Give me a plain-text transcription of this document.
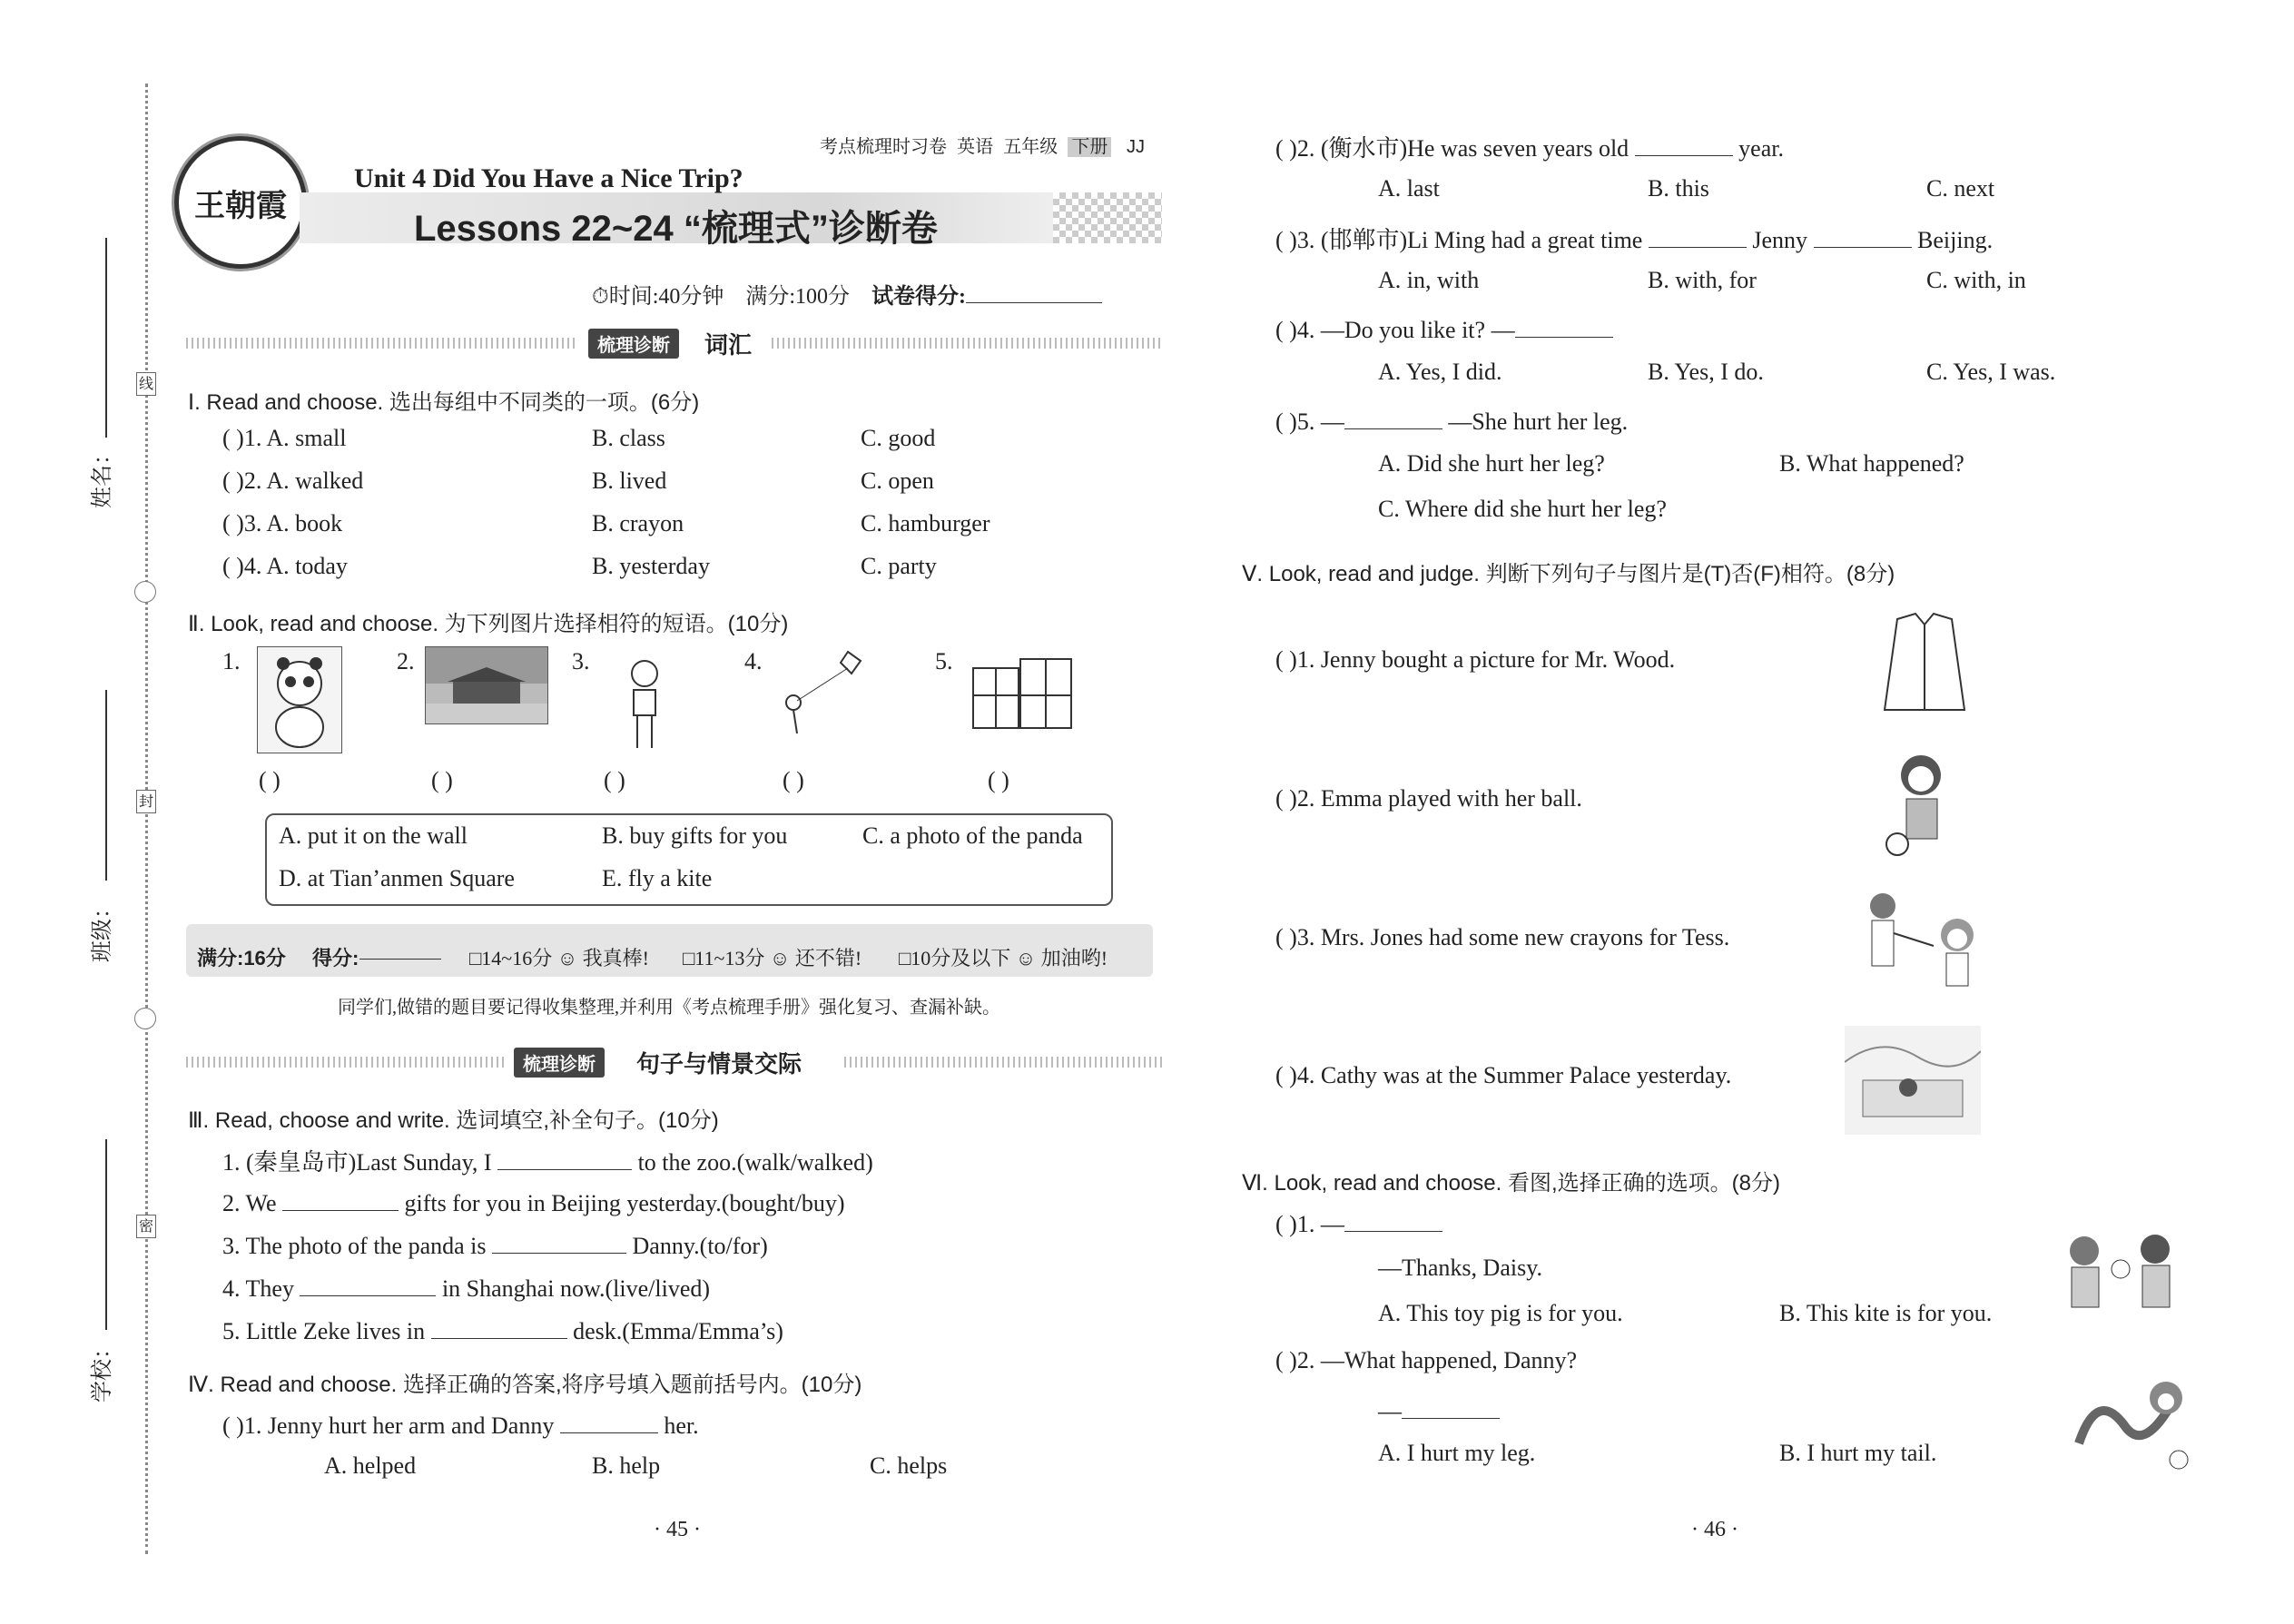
线
封
密
姓名：
班级：
学校：
考点梳理时习卷 英语 五年级 下册 JJ
王朝霞
Unit 4 Did You Have a Nice Trip?
Lessons 22~24 “梳理式”诊断卷
⏱时间:40分钟 满分:100分 试卷得分:
梳理诊断	词汇
Ⅰ. Read and choose. 选出每组中不同类的一项。(6分)
( )1. A. small	B. class	C. good
( )2. A. walked	B. lived	C. open
( )3. A. book	B. crayon	C. hamburger
( )4. A. today	B. yesterday	C. party
Ⅱ. Look, read and choose. 为下列图片选择相符的短语。(10分)
1.	2.	3.	4.	5.
( )	( )	( )	( )	( )
A. put it on the wall	B. buy gifts for you	C. a photo of the panda
D. at Tian’anmen Square	E. fly a kite
满分:16分 得分:	□14~16分 ☺ 我真棒! □11~13分 ☺ 还不错! □10分及以下 ☺ 加油哟!
同学们,做错的题目要记得收集整理,并利用《考点梳理手册》强化复习、查漏补缺。
梳理诊断	句子与情景交际
Ⅲ. Read, choose and write. 选词填空,补全句子。(10分)
1. (秦皇岛市)Last Sunday, I	to the zoo.(walk/walked)
2. We	gifts for you in Beijing yesterday.(bought/buy)
3. The photo of the panda is	Danny.(to/for)
4. They	in Shanghai now.(live/lived)
5. Little Zeke lives in	desk.(Emma/Emma’s)
Ⅳ. Read and choose. 选择正确的答案,将序号填入题前括号内。(10分)
( )1. Jenny hurt her arm and Danny	her.
A. helped	B. help	C. helps
· 45 ·
( )2. (衡水市)He was seven years old	year.
A. last	B. this	C. next
( )3. (邯郸市)Li Ming had a great time	Jenny	Beijing.
A. in, with	B. with, for	C. with, in
( )4. —Do you like it? —
A. Yes, I did.	B. Yes, I do.	C. Yes, I was.
( )5. —	—She hurt her leg.
A. Did she hurt her leg?	B. What happened?
C. Where did she hurt her leg?
Ⅴ. Look, read and judge. 判断下列句子与图片是(T)否(F)相符。(8分)
( )1. Jenny bought a picture for Mr. Wood.
( )2. Emma played with her ball.
( )3. Mrs. Jones had some new crayons for Tess.
( )4. Cathy was at the Summer Palace yesterday.
Ⅵ. Look, read and choose. 看图,选择正确的选项。(8分)
( )1. —
—Thanks, Daisy.
A. This toy pig is for you.	B. This kite is for you.
( )2. —What happened, Danny?
—
A. I hurt my leg.	B. I hurt my tail.
· 46 ·
